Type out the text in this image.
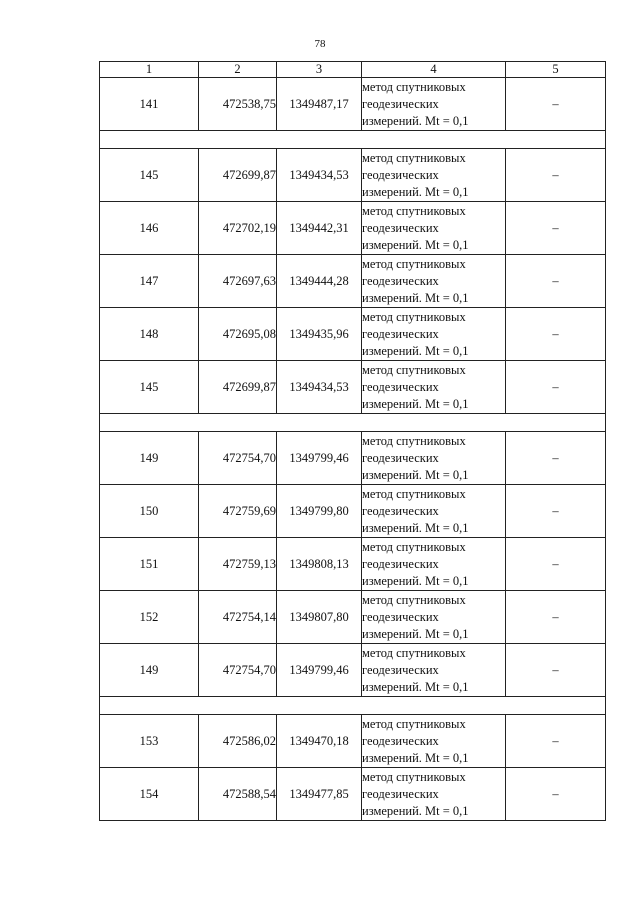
78
1	2	3	4	5
141	472538,75	1349487,17	метод спутниковых
геодезических
измерений. Mt = 0,1	–

145	472699,87	1349434,53	метод спутниковых
геодезических
измерений. Mt = 0,1	–
146	472702,19	1349442,31	метод спутниковых
геодезических
измерений. Mt = 0,1	–
147	472697,63	1349444,28	метод спутниковых
геодезических
измерений. Mt = 0,1	–
148	472695,08	1349435,96	метод спутниковых
геодезических
измерений. Mt = 0,1	–
145	472699,87	1349434,53	метод спутниковых
геодезических
измерений. Mt = 0,1	–

149	472754,70	1349799,46	метод спутниковых
геодезических
измерений. Mt = 0,1	–
150	472759,69	1349799,80	метод спутниковых
геодезических
измерений. Mt = 0,1	–
151	472759,13	1349808,13	метод спутниковых
геодезических
измерений. Mt = 0,1	–
152	472754,14	1349807,80	метод спутниковых
геодезических
измерений. Mt = 0,1	–
149	472754,70	1349799,46	метод спутниковых
геодезических
измерений. Mt = 0,1	–

153	472586,02	1349470,18	метод спутниковых
геодезических
измерений. Mt = 0,1	–
154	472588,54	1349477,85	метод спутниковых
геодезических
измерений. Mt = 0,1	–
